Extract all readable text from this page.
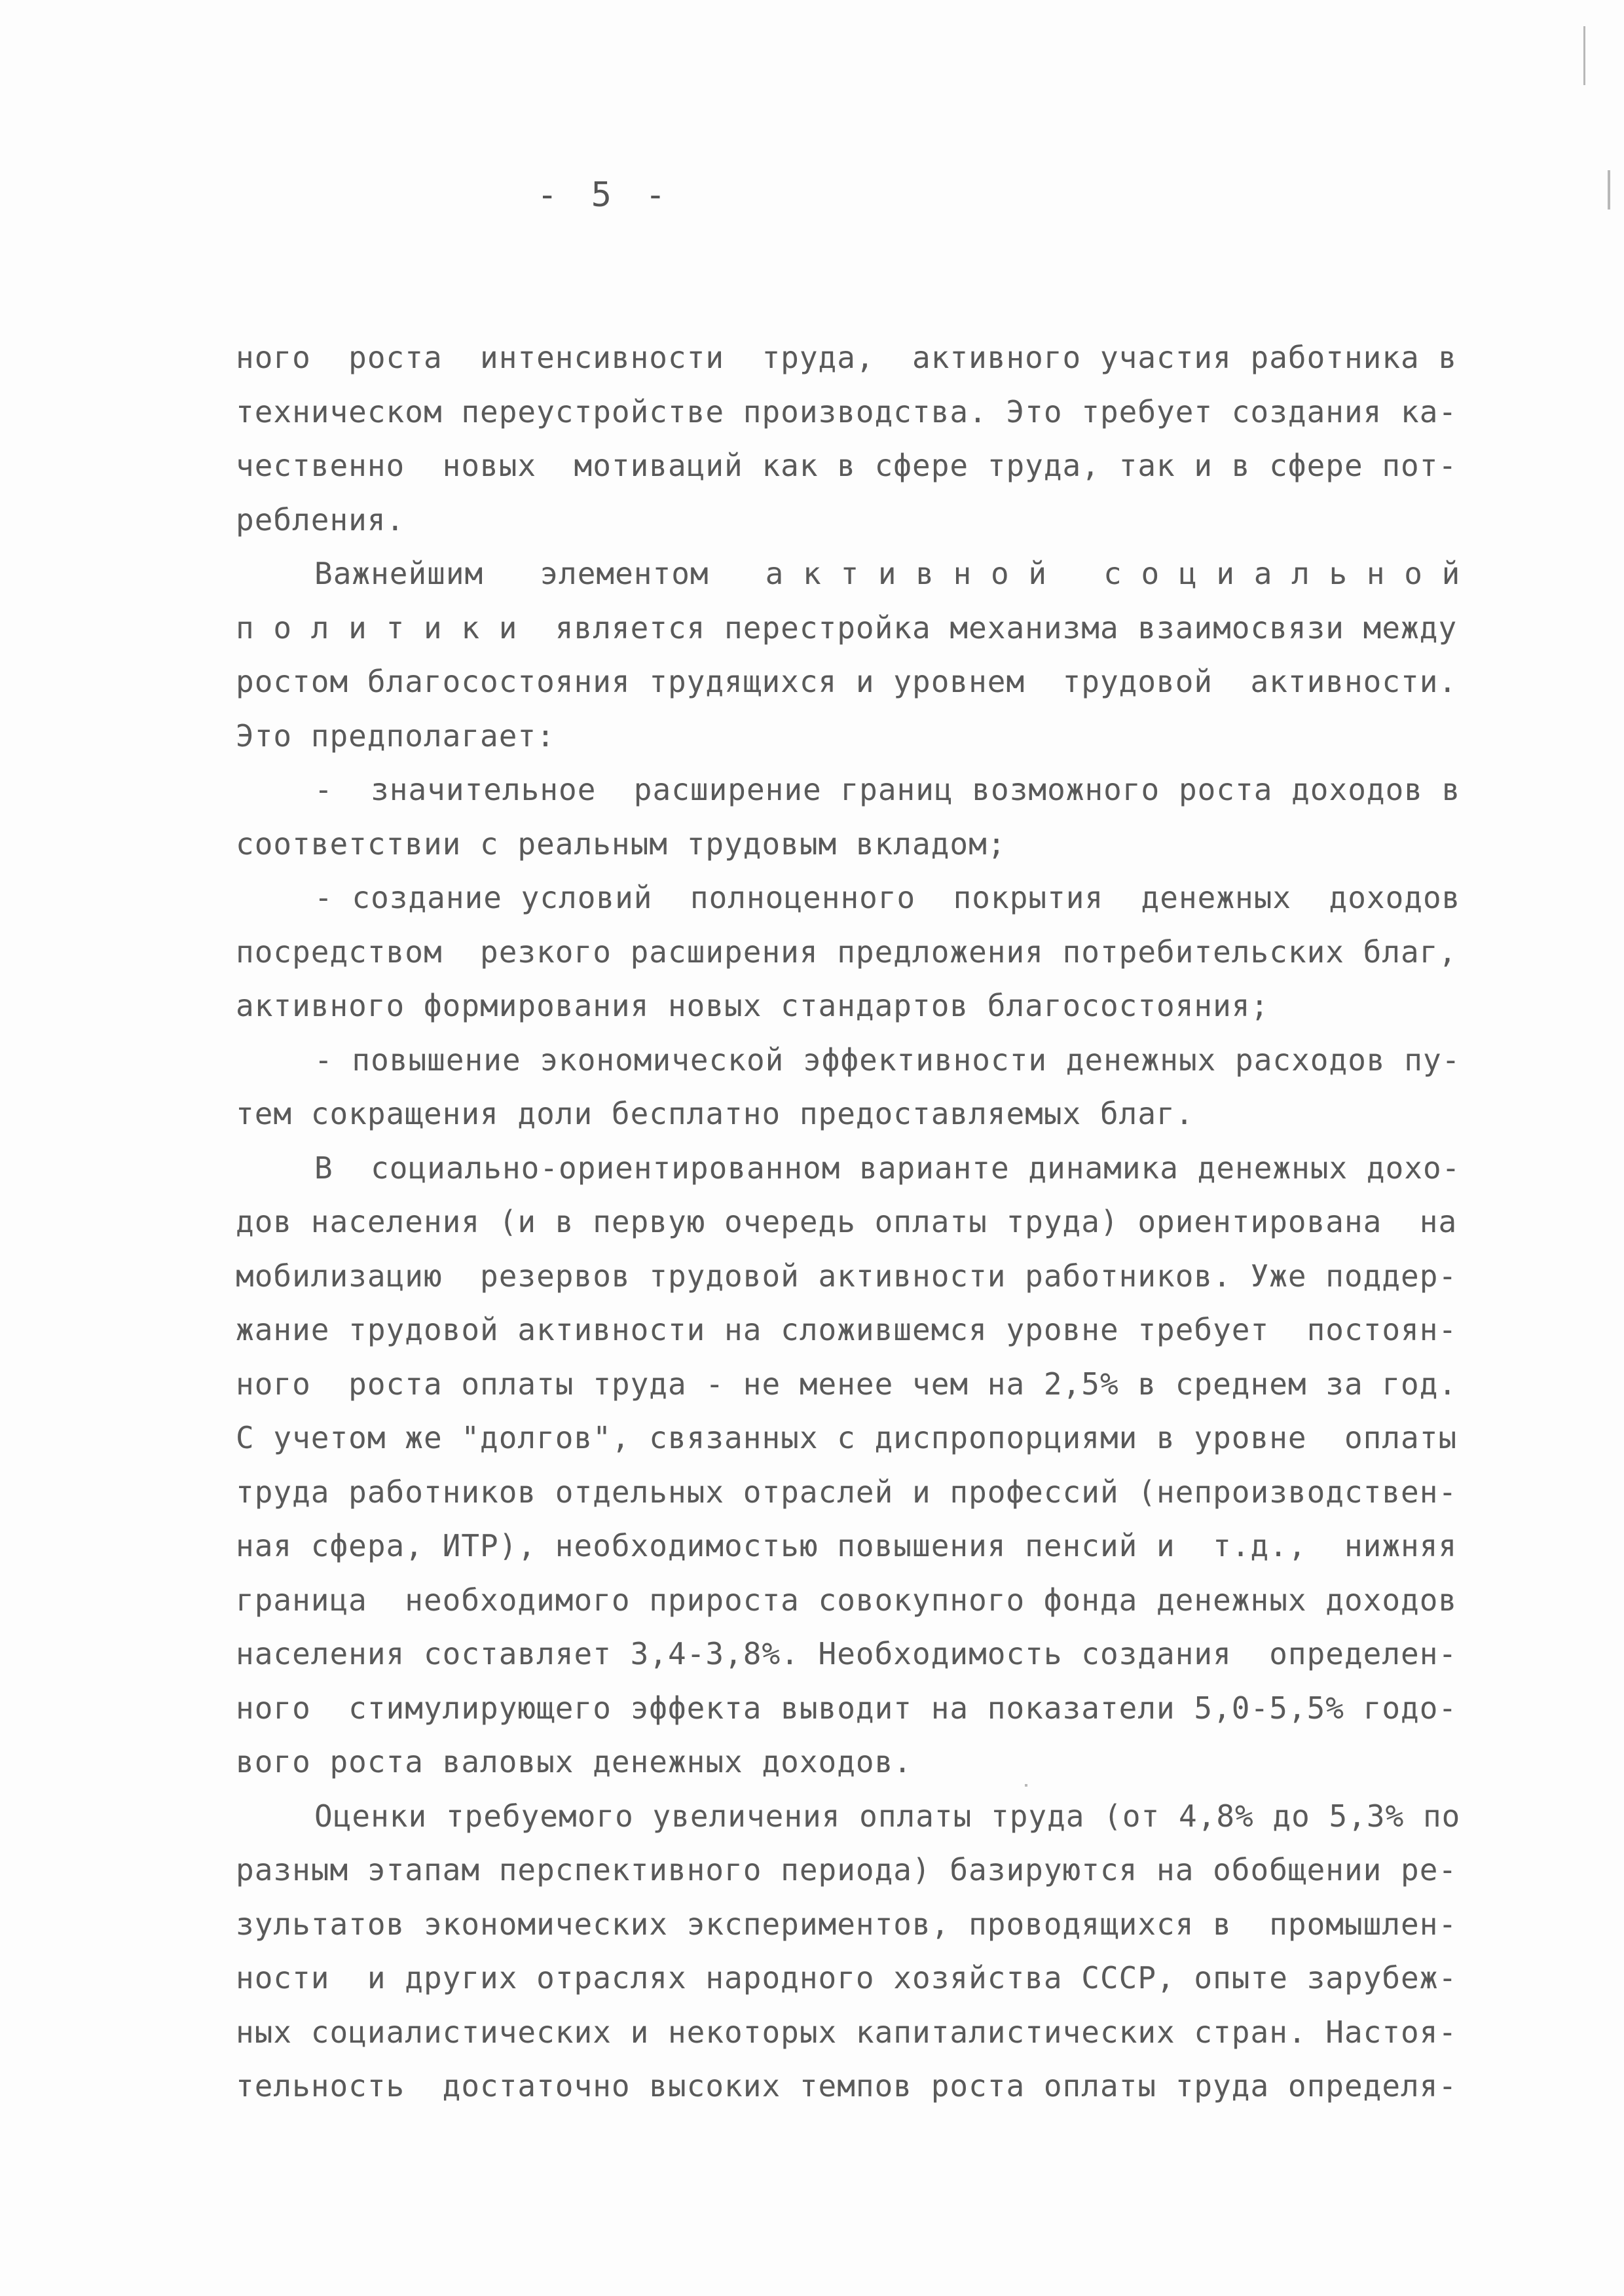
- 5 -
ного  роста  интенсивности  труда,  активного участия работника в
техническом переустройстве производства. Это требует создания ка-
чественно  новых  мотиваций как в сфере труда, так и в сфере пот-
ребления.
Важнейшим   элементом   а к т и в н о й   с о ц и а л ь н о й
п о л и т и к и  является перестройка механизма взаимосвязи между
ростом благосостояния трудящихся и уровнем  трудовой  активности.
Это предполагает:
-  значительное  расширение границ возможного роста доходов в
соответствии с реальным трудовым вкладом;
- создание условий  полноценного  покрытия  денежных  доходов
посредством  резкого расширения предложения потребительских благ,
активного формирования новых стандартов благосостояния;
- повышение экономической эффективности денежных расходов пу-
тем сокращения доли бесплатно предоставляемых благ.
В  социально-ориентированном варианте динамика денежных дохо-
дов населения (и в первую очередь оплаты труда) ориентирована  на
мобилизацию  резервов трудовой активности работников. Уже поддер-
жание трудовой активности на сложившемся уровне требует  постоян-
ного  роста оплаты труда - не менее чем на 2,5% в среднем за год.
С учетом же "долгов", связанных с диспропорциями в уровне  оплаты
труда работников отдельных отраслей и профессий (непроизводствен-
ная сфера, ИТР), необходимостью повышения пенсий и  т.д.,  нижняя
граница  необходимого прироста совокупного фонда денежных доходов
населения составляет 3,4-3,8%. Необходимость создания  определен-
ного  стимулирующего эффекта выводит на показатели 5,0-5,5% годо-
вого роста валовых денежных доходов.
Оценки требуемого увеличения оплаты труда (от 4,8% до 5,3% по
разным этапам перспективного периода) базируются на обобщении ре-
зультатов экономических экспериментов, проводящихся в  промышлен-
ности  и других отраслях народного хозяйства СССР, опыте зарубеж-
ных социалистических и некоторых капиталистических стран. Настоя-
тельность  достаточно высоких темпов роста оплаты труда определя-
